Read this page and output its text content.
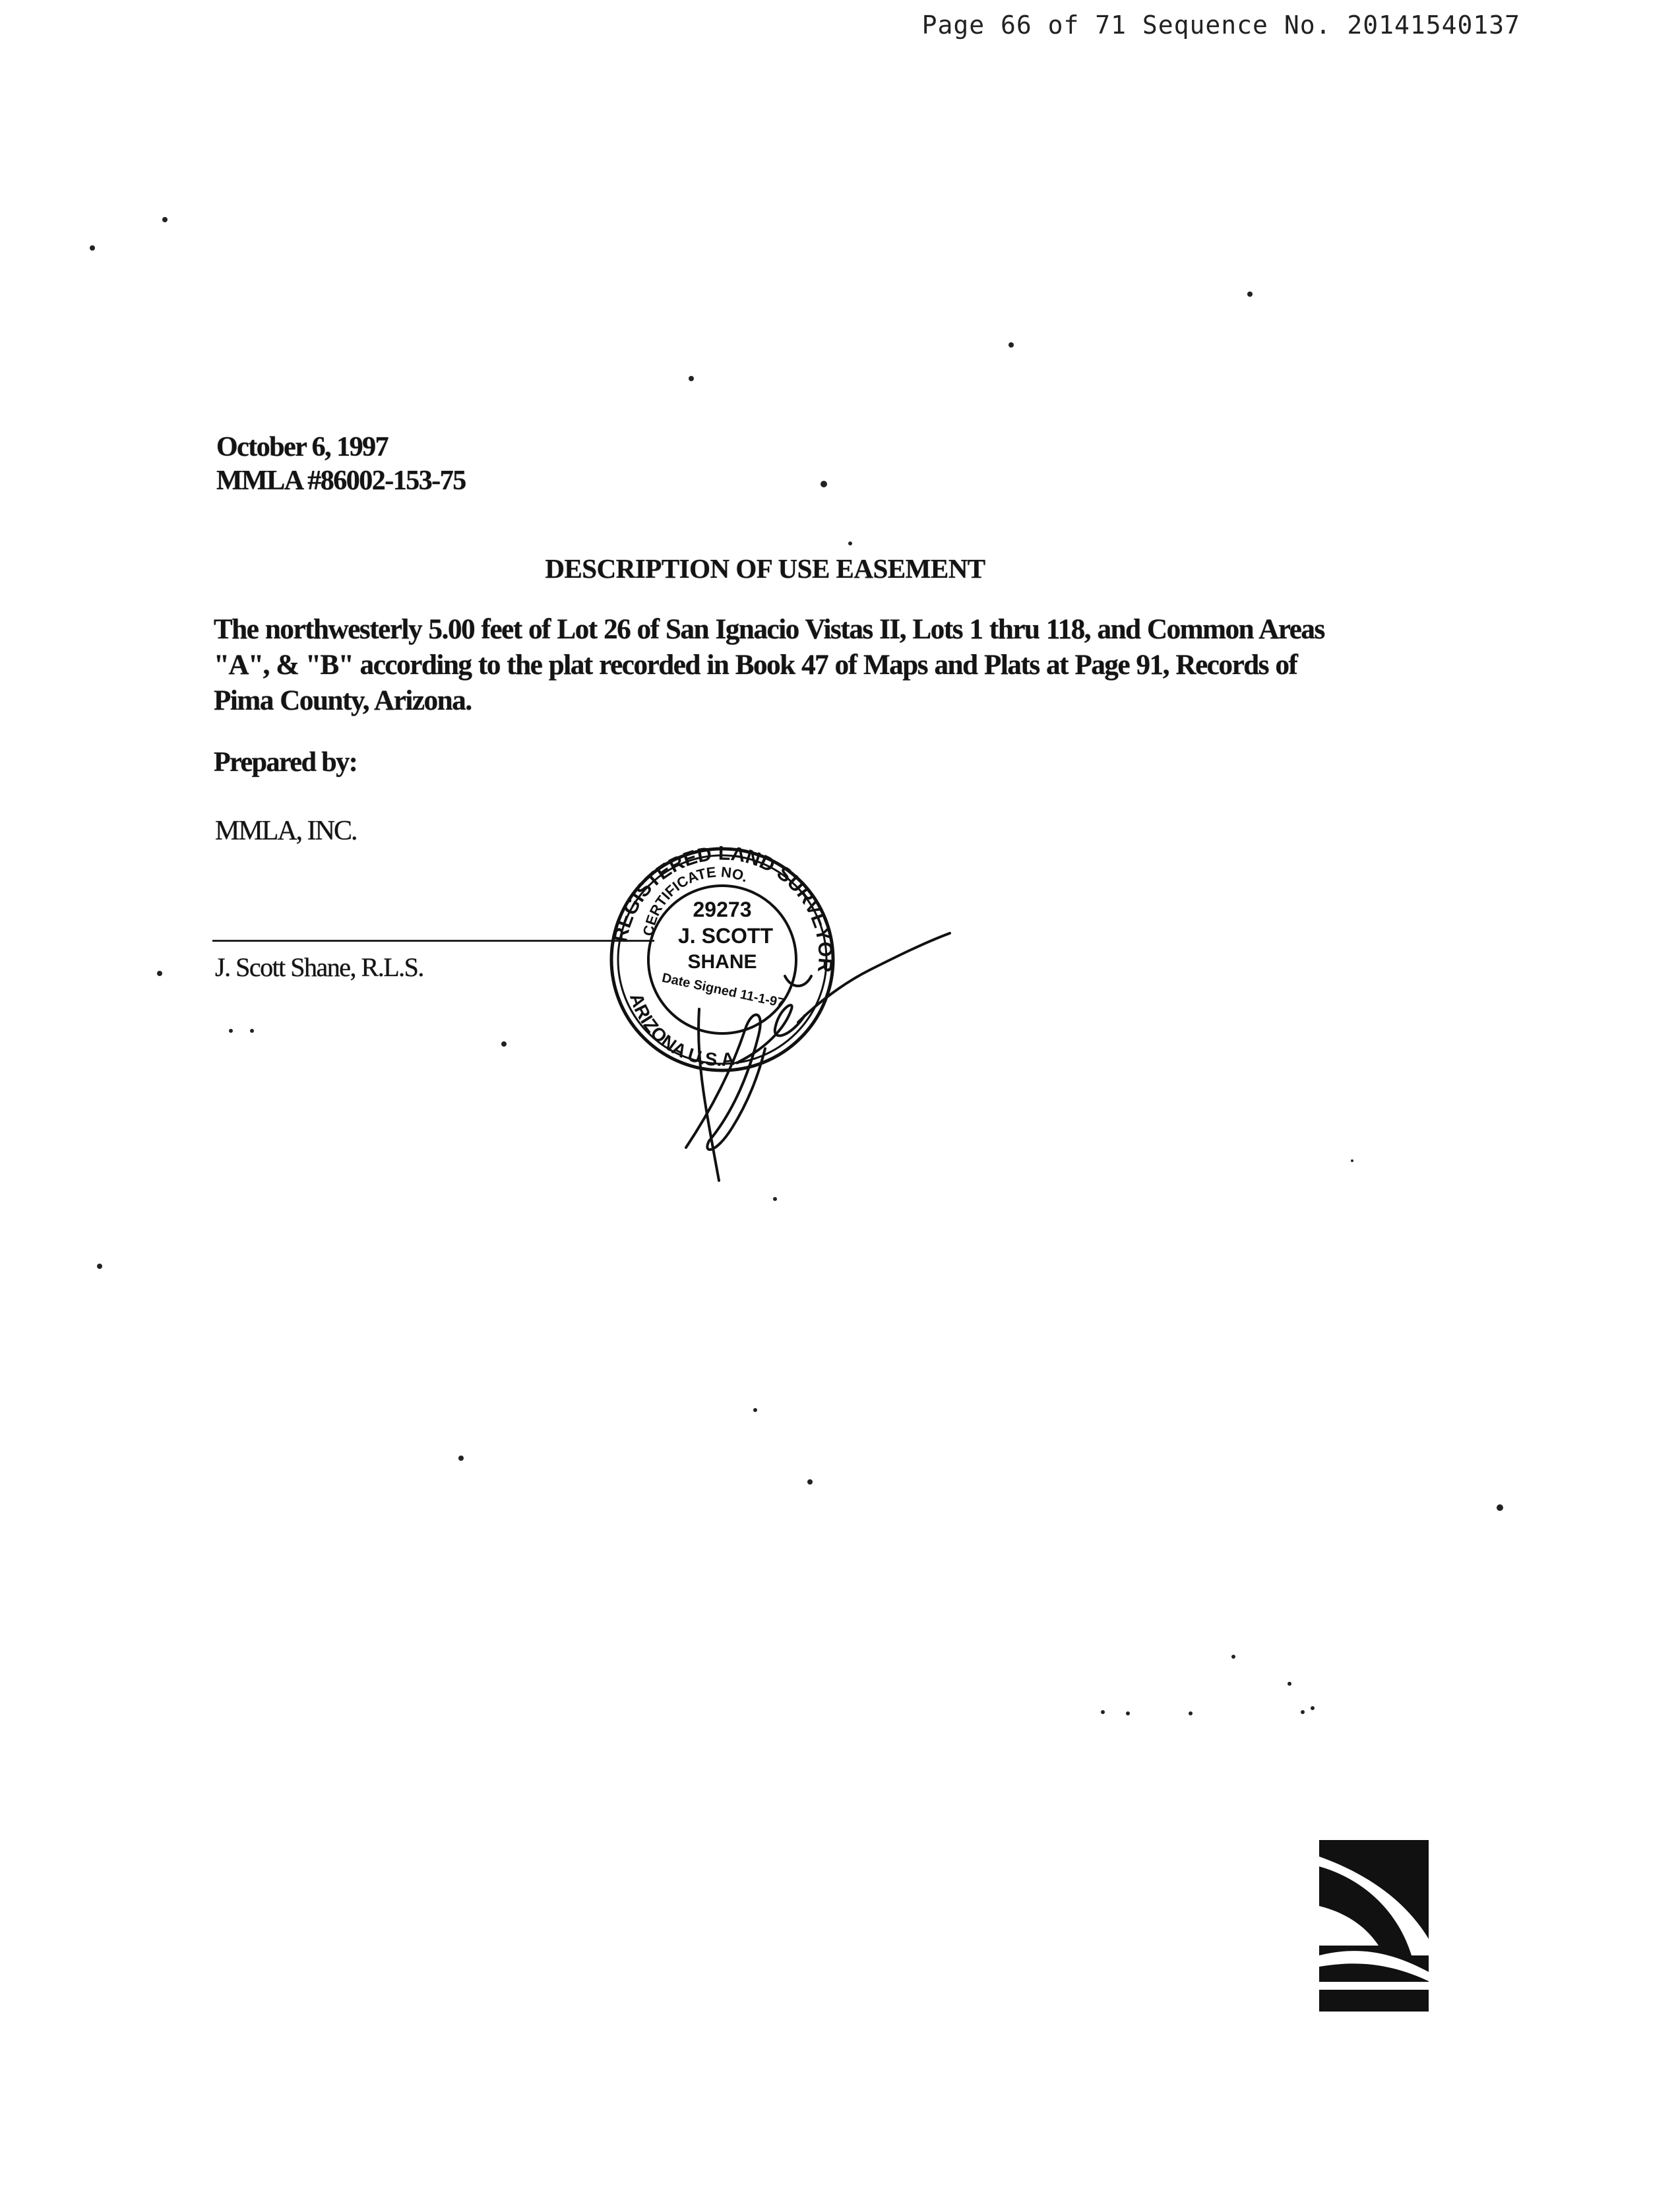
Page 66 of 71 Sequence No. 20141540137
October 6, 1997
MMLA #86002-153-75
DESCRIPTION OF USE EASEMENT
The northwesterly 5.00 feet of Lot 26 of San Ignacio Vistas II, Lots 1 thru 118, and Common Areas "A", & "B" according to the plat recorded in Book 47 of Maps and Plats at Page 91, Records of Pima County, Arizona.
Prepared by:
MMLA, INC.
J. Scott Shane, R.L.S.
REGISTERED LAND SURVEYOR
CERTIFICATE NO.
29273
J. SCOTT
SHANE
Date Signed 11-1-97
ARIZONA U.S.A.
